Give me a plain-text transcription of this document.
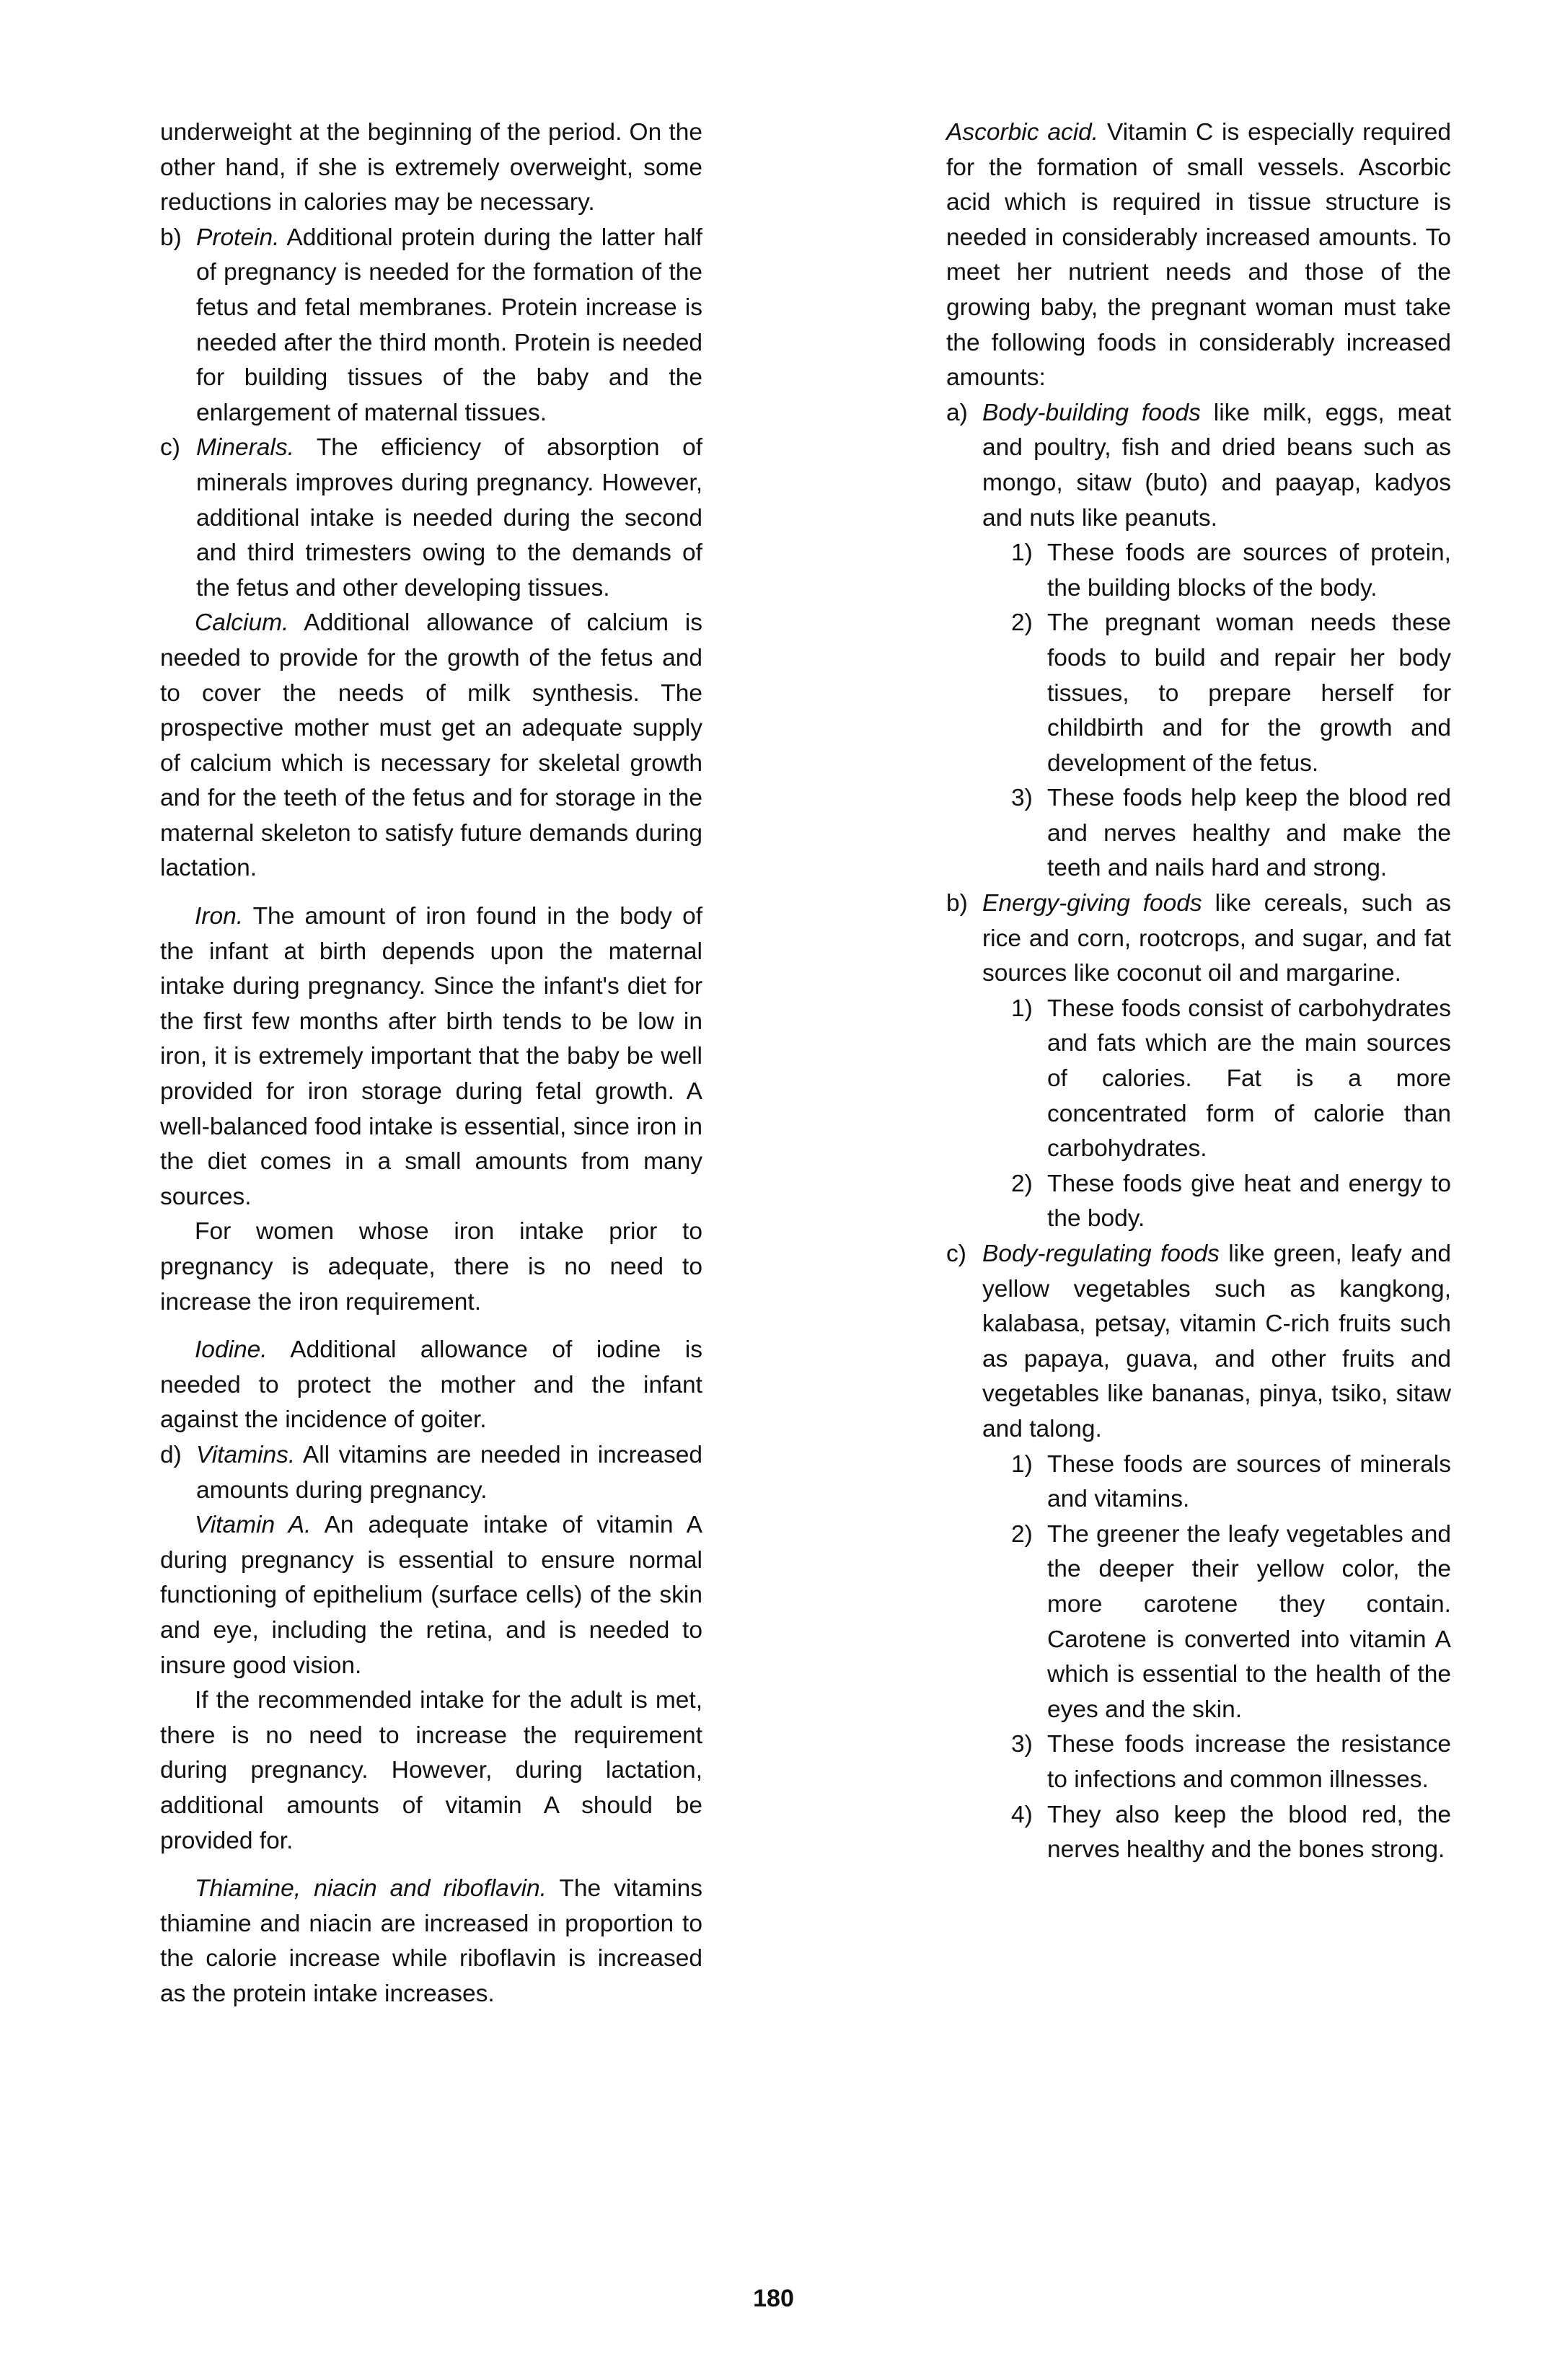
underweight at the beginning of the period. On the other hand, if she is extremely overweight, some reductions in calories may be necessary.

b) Protein. Additional protein during the latter half of pregnancy is needed for the formation of the fetus and fetal membranes. Protein increase is needed after the third month. Protein is needed for building tissues of the baby and the enlargement of maternal tissues.
c) Minerals. The efficiency of absorption of minerals improves during pregnancy. However, additional intake is needed during the second and third trimesters owing to the demands of the fetus and other developing tissues.

Calcium. Additional allowance of calcium is needed to provide for the growth of the fetus and to cover the needs of milk synthesis. The prospective mother must get an adequate supply of calcium which is necessary for skeletal growth and for the teeth of the fetus and for storage in the maternal skeleton to satisfy future demands during lactation.

Iron. The amount of iron found in the body of the infant at birth depends upon the maternal intake during pregnancy. Since the infant's diet for the first few months after birth tends to be low in iron, it is extremely important that the baby be well provided for iron storage during fetal growth. A well-balanced food intake is essential, since iron in the diet comes in a small amounts from many sources.

For women whose iron intake prior to pregnancy is adequate, there is no need to increase the iron requirement.

Iodine. Additional allowance of iodine is needed to protect the mother and the infant against the incidence of goiter.

d) Vitamins. All vitamins are needed in increased amounts during pregnancy.

Vitamin A. An adequate intake of vitamin A during pregnancy is essential to ensure normal functioning of epithelium (surface cells) of the skin and eye, including the retina, and is needed to insure good vision.

If the recommended intake for the adult is met, there is no need to increase the requirement during pregnancy. However, during lactation, additional amounts of vitamin A should be provided for.

Thiamine, niacin and riboflavin. The vitamins thiamine and niacin are increased in proportion to the calorie increase while riboflavin is increased as the protein intake increases.

Ascorbic acid. Vitamin C is especially required for the formation of small vessels. Ascorbic acid which is required in tissue structure is needed in considerably increased amounts. To meet her nutrient needs and those of the growing baby, the pregnant woman must take the following foods in considerably increased amounts:

a) Body-building foods like milk, eggs, meat and poultry, fish and dried beans such as mongo, sitaw (buto) and paayap, kadyos and nuts like peanuts.
1) These foods are sources of protein, the building blocks of the body.
2) The pregnant woman needs these foods to build and repair her body tissues, to prepare herself for childbirth and for the growth and development of the fetus.
3) These foods help keep the blood red and nerves healthy and make the teeth and nails hard and strong.
b) Energy-giving foods like cereals, such as rice and corn, rootcrops, and sugar, and fat sources like coconut oil and margarine.
1) These foods consist of carbohydrates and fats which are the main sources of calories. Fat is a more concentrated form of calorie than carbohydrates.
2) These foods give heat and energy to the body.
c) Body-regulating foods like green, leafy and yellow vegetables such as kangkong, kalabasa, petsay, vitamin C-rich fruits such as papaya, guava, and other fruits and vegetables like bananas, pinya, tsiko, sitaw and talong.
1) These foods are sources of minerals and vitamins.
2) The greener the leafy vegetables and the deeper their yellow color, the more carotene they contain. Carotene is converted into vitamin A which is essential to the health of the eyes and the skin.
3) These foods increase the resistance to infections and common illnesses.
4) They also keep the blood red, the nerves healthy and the bones strong.
180
